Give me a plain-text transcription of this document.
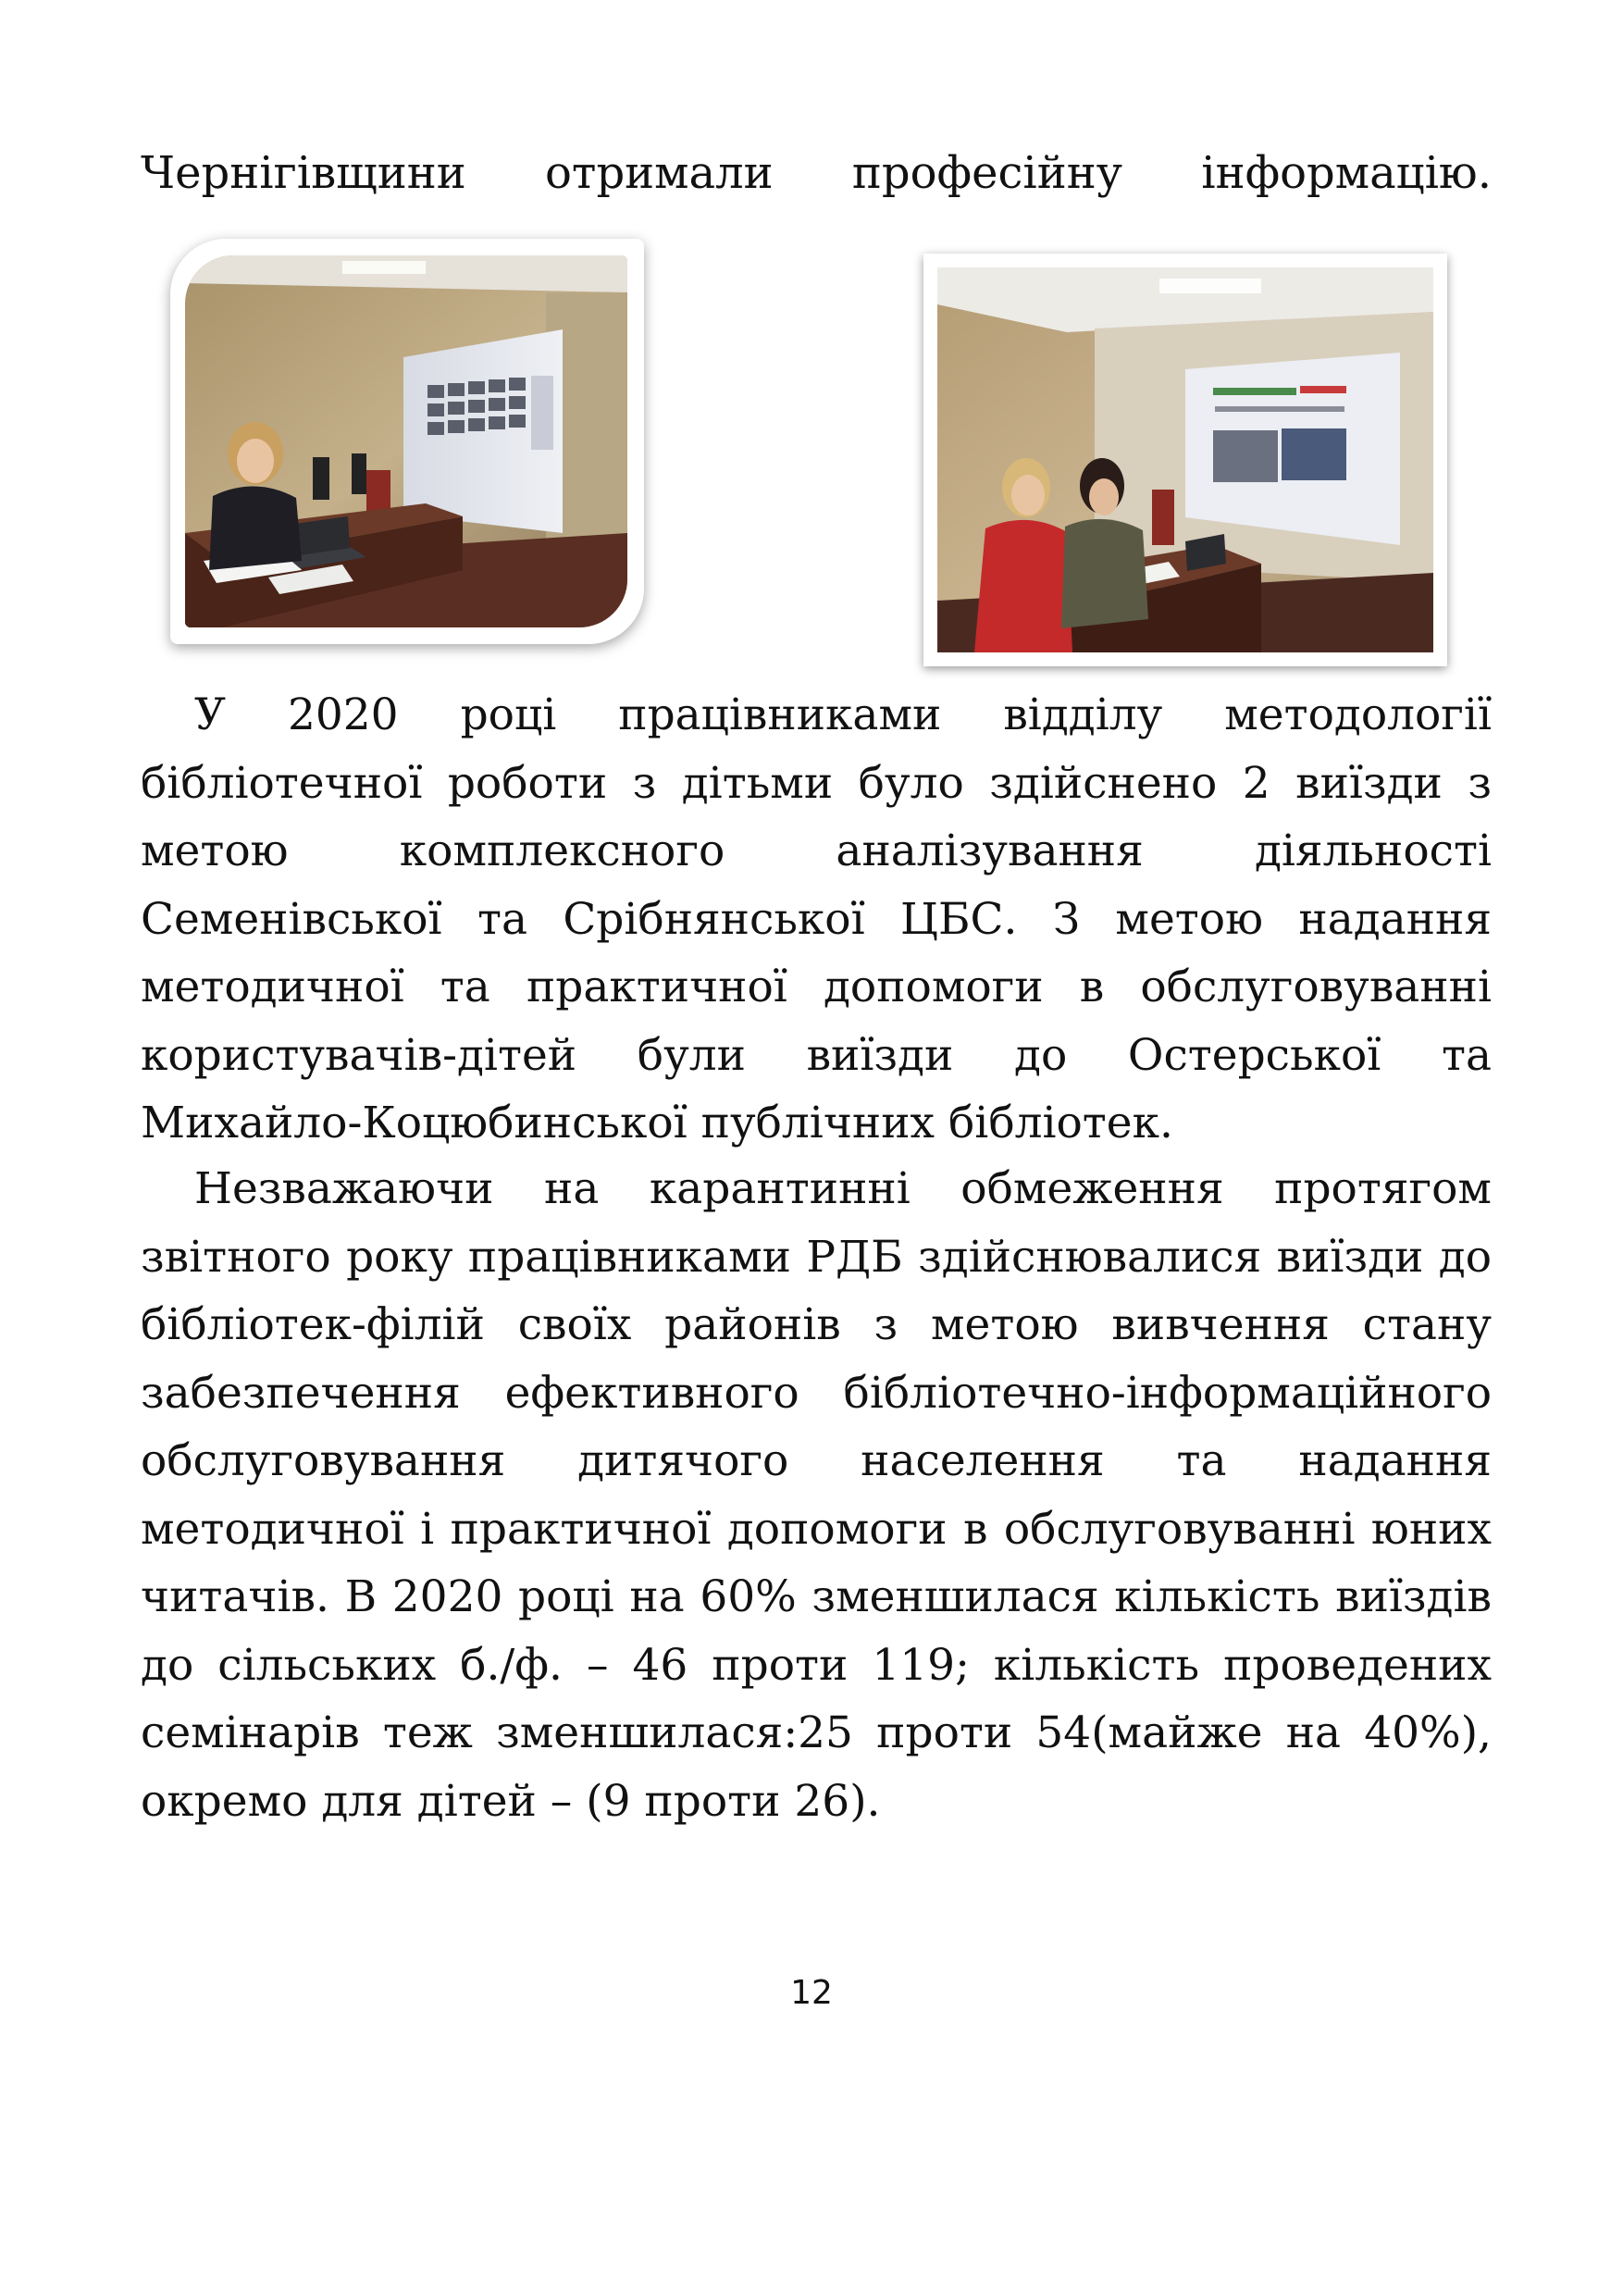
Чернігівщини отримали професійну інформацію.

У 2020 році працівниками відділу методології бібліотечної роботи з дітьми було здійснено 2 виїзди з метою комплексного аналізування діяльності Семенівської та Срібнянської ЦБС. З метою надання методичної та практичної допомоги в обслуговуванні користувачів-дітей були виїзди до Остерської та Михайло-Коцюбинської публічних бібліотек.

Незважаючи на карантинні обмеження протягом звітного року працівниками РДБ здійснювалися виїзди до бібліотек-філій своїх районів з метою вивчення стану забезпечення ефективного бібліотечно-інформаційного обслуговування дитячого населення та надання методичної і практичної допомоги в обслуговуванні юних читачів. В 2020 році на 60% зменшилася кількість виїздів до сільських б./ф. – 46 проти 119; кількість проведених семінарів теж зменшилася:25 проти 54(майже на 40%), окремо для дітей – (9 проти 26).

12
